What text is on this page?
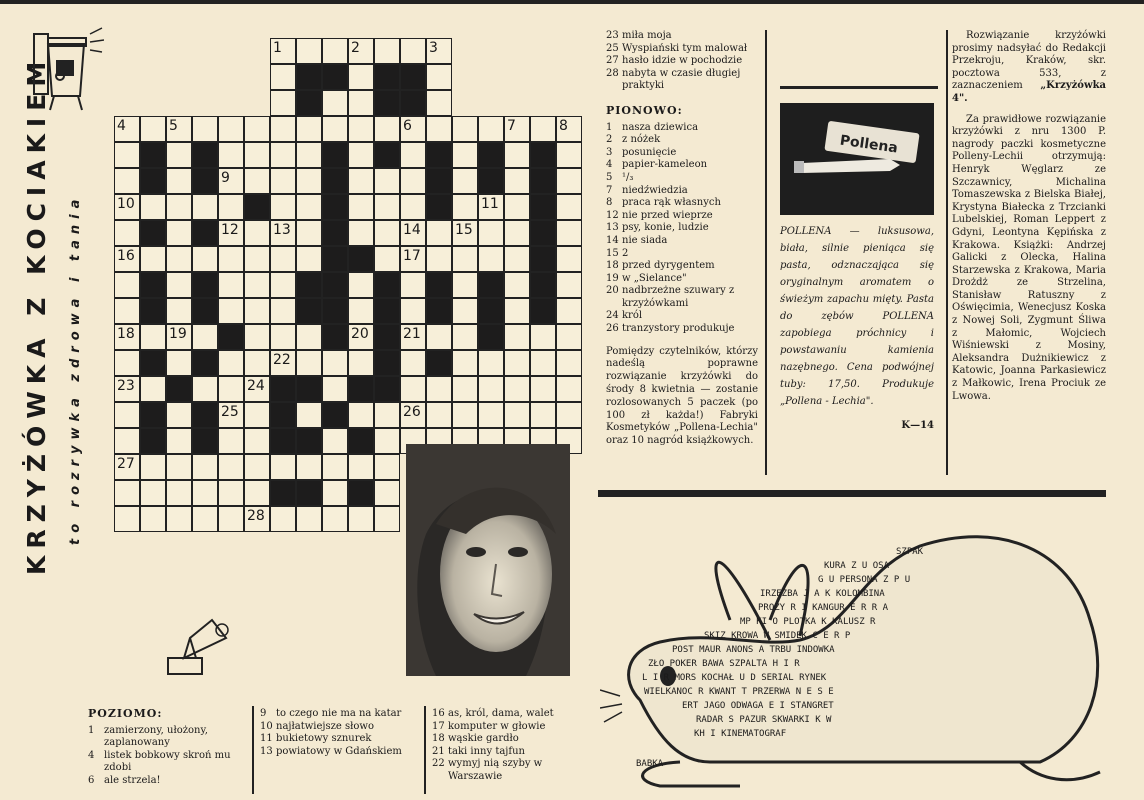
KRZYŻÓWKA Z KOCIAKIEM to rozrywka zdrowa i tania
1	2	3
4	5	6	7	8
9
10	11
12 13	14 15
16	17
18 19	20 21
22
23	24
25	26
27
28
POZIOMO:

1 zamierzony, ułożony, zaplanowany

4 listek bobkowy skroń mu zdobi

6 ale strzela!

9 to czego nie ma na katar

10 najłatwiejsze słowo

11 bukietowy sznurek

13 powiatowy w Gdańskiem

16 as, król, dama, walet

17 komputer w głowie

18 wąskie gardło

21 taki inny tajfun

22 wymyj nią szyby w Warszawie

23 miła moja

25 Wyspiański tym malował

27 hasło idzie w pochodzie

28 nabyta w czasie długiej praktyki

PIONOWO:

1 nasza dziewica

2 z nóżek

3 posunięcie

4 papier-kameleon

5 ¹/₃

7 niedźwiedzia

8 praca rąk własnych

12 nie przed wieprze

13 psy, konie, ludzie

14 nie siada

15 2

18 przed dyrygentem

19 w „Sielance"

20 nadbrzeżne szuwary z krzyżówkami

24 król

26 tranzystory produkuje

Pomiędzy czytelników, którzy nadeślą poprawne rozwiązanie krzyżówki do środy 8 kwietnia — zostanie rozlosowanych 5 paczek (po 100 zł każda!) Fabryki Kosmetyków „Pollena-Lechia" oraz 10 nagród książkowych.

Pollena

POLLENA — luksusowa, biała, silnie pieniąca się pasta, odznaczająca się oryginalnym aromatem o świeżym zapachu mięty. Pasta do zębów POLLENA zapobiega próchnicy i powstawaniu kamienia nazębnego. Cena podwójnej tuby: 17,50. Produkuje „Pollena - Lechia".

K—14

Rozwiązanie krzyżówki prosimy nadsyłać do Redakcji Przekroju, Kraków, skr. pocztowa 533, z zaznaczeniem „Krzyżówka 4".

Za prawidłowe rozwiązanie krzyżówki z nru 1300 P. nagrody paczki kosmetyczne Polleny-Lechii otrzymują: Henryk Węglarz ze Szczawnicy, Michalina Tomaszewska z Bielska Białej, Krystyna Białecka z Trzcianki Lubelskiej, Roman Leppert z Gdyni, Leontyna Kępińska z Krakowa. Książki: Andrzej Galicki z Olecka, Halina Starzewska z Krakowa, Maria Drożdż ze Strzelina, Stanisław Ratuszny z Oświęcimia, Wenecjusz Koska z Nowej Soli, Zygmunt Śliwa z Małomic, Wojciech Wiśniewski z Mosiny, Aleksandra Dużnikiewicz z Katowic, Joanna Parkasiewicz z Małkowic, Irena Prociuk ze Lwowa.

SZPAK
KURA Z U OSA
G U PERSONA Z P U
IRZEŹBA J A K KOLOMBINA
PROZY R I KANGUR E R R A
MP KI O PLOTKA K KALUSZ R
SKIZ KROWA W SMIDEK C E R P
POST MAUR ANONS A TRBU INDOWKA
ZŁO POKER BAWA SZPALTA H I R
L I R MORS KOCHAŁ U D SERIAL RYNEK
WIELKANOC R KWANT T PRZERWA N E S E
ERT JAGO ODWAGA E I STANGRET
RADAR S PAZUR SKWARKI K W
KH I KINEMATOGRAF
BABKA
